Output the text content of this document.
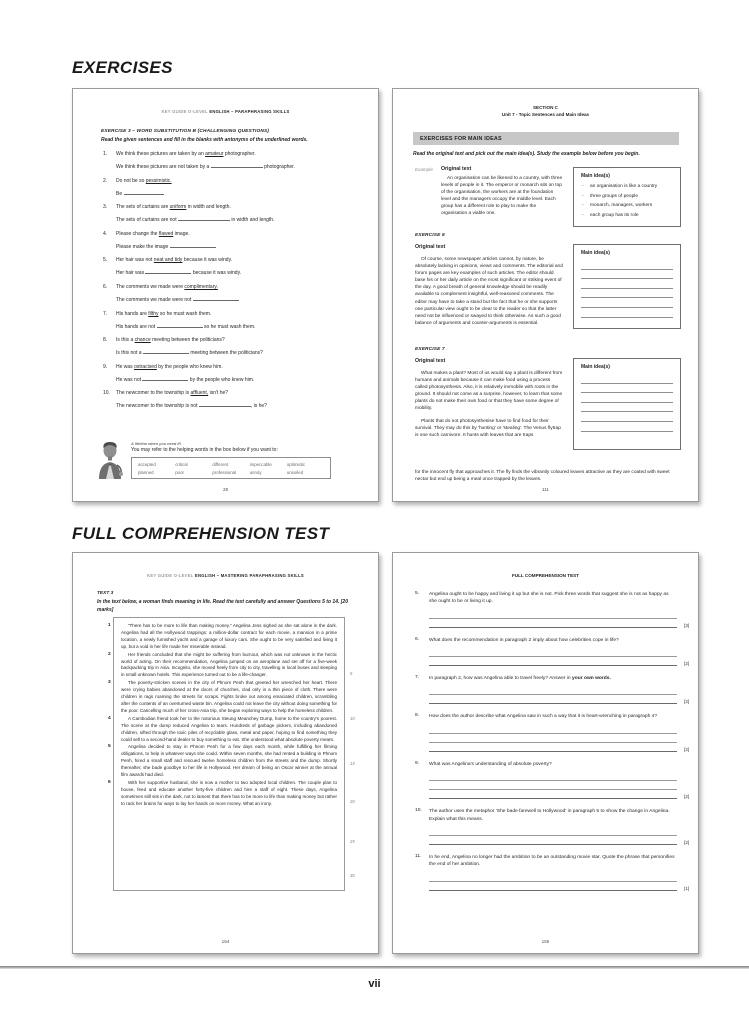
EXERCISES
KEY GUIDE O-LEVEL ENGLISH – PARAPHRASING SKILLS
EXERCISE 3 – WORD SUBSTITUTION B (CHALLENGING QUESTIONS)
Read the given sentences and fill in the blanks with antonyms of the underlined words.
1.	We think these pictures are taken by an amateur photographer.
We think these pictures are not taken by a	photographer.
2.	Do not be so pessimistic.
Be
3.	The sets of curtains are uniform in width and length.
The sets of curtains are not	in width and length.
4.	Please change the flawed image.
Please make the image
5.	Her hair was not neat and tidy because it was windy.
Her hair was	because it was windy.
6.	The comments we made were complimentary.
The comments we made were not
7.	His hands are filthy so he must wash them.
His hands are not	so he must wash them.
8.	Is this a chance meeting between the politicians?
Is this not a	meeting between the politicians?
9.	He was ostracised by the people who knew him.
He was not	by the people who knew him.
10.	The newcomer to the township is affluent, isn't he?
The newcomer to the township is not	, is he?
A lifeline when you need it!
You may refer to the helping words in the box below if you want to:
accepted	critical	different	impeccable	optimistic
planned	poor	professional	unruly	unsoiled
28
SECTION C
Unit 7 - Topic Sentences and Main Ideas
EXERCISES FOR MAIN IDEAS
Read the original text and pick out the main idea(s). Study the example below before you begin.
Example Original text

An organisation can be likened to a country, with three levels of people in it. The emperor or monarch sits on top of the organisation, the workers are at the foundation level and the managers occupy the middle level. Each group has a different role to play to make the organisation a viable one.

Main idea(s)
- an organisation is like a country
- three groups of people
- monarch, managers, workers
- each group has its role
EXERCISE 6
Original text

Of course, some newspaper articles cannot, by nature, be absolutely lacking in opinions, views and comments. The editorial and forum pages are key examples of such articles. The editor should base his or her daily article on the most significant or striking event of the day. A good breath of general knowledge should be readily available to complement insightful, well-reasoned comments. The editor may have to take a stand but the fact that he or she supports one particular view ought to be clear to the reader so that the latter need not be influenced or swayed to think otherwise. As such a good balance of arguments and counter-arguments is essential.

Main idea(s)
EXERCISE 7
Original text

What makes a plant? Most of us would say a plant is different from humans and animals because it can make food using a process called photosynthesis. Also, it is relatively immobile with roots in the ground. It should not come as a surprise, however, to learn that some plants do not make their own food or that they have some degree of mobility.

Plants that do not photosynthesise have to find food for their survival. They may do this by 'hunting' or 'stealing'. The Venus flytrap is one such carnivore. It hunts with leaves that are traps

for the innocent fly that approaches it. The fly finds the vibrantly coloured leaves attractive as they are coated with sweet nectar but end up being a meal once trapped by the leaves.

Main idea(s)
111
FULL COMPREHENSION TEST
KEY GUIDE O-LEVEL ENGLISH – MASTERING PARAPHRASING SKILLS
TEXT 3
In the text below, a woman finds meaning in life. Read the text carefully and answer Questions 5 to 14. [20 marks]
1	“There has to be more to life than making money.” Angelina Jess sighed as she sat alone in the dark. Angelina had all the Hollywood trappings: a million-dollar contract for each movie, a mansion in a prime location, a newly furnished yacht and a garage of luxury cars. She ought to be very satisfied and living it up, but a void in her life made her miserable instead.

2	Her friends concluded that she might be suffering from burnout, which was not unknown in the hectic world of acting. On their recommendation, Angelina jumped on an aeroplane and set off for a five-week backpacking trip in Asia. Incognito, she moved freely from city to city, travelling in local buses and sleeping in small unknown hotels. This experience turned out to be a life-changer.

3	The poverty-stricken scenes in the city of Phnom Penh that greeted her wrenched her heart. There were crying babies abandoned at the doors of churches, clad only in a thin piece of cloth. There were children in rags roaming the streets for scraps. Fights broke out among emaciated children, scrambling after the contents of an overturned waste bin. Angelina could not leave the city without doing something for the poor. Cancelling much of her cross-Asia trip, she began exploring ways to help the homeless children.

4	A Cambodian friend took her to the notorious Steung Meanchey Dump, home to the country's poorest. The scene at the dump reduced Angelina to tears. Hundreds of garbage pickers, including abandoned children, sifted through the toxic piles of recyclable glass, metal and paper, hoping to find something they could sell to a second-hand dealer to buy something to eat. She understood what absolute poverty meant.

5	Angelina decided to stay in Phnom Penh for a few days each month, while fulfilling her filming obligations, to help in whatever ways she could. Within seven months, she had rented a building in Phnom Penh, hired a small staff and rescued twelve homeless children from the streets and the dump. Shortly thereafter, she bade goodbye to her life in Hollywood. Her dream of being an Oscar winner at the annual film awards had died.

6	With her supportive husband, she is now a mother to two adopted local children. The couple plan to house, feed and educate another forty-five children and hire a staff of eight. These days, Angelina sometimes still sits in the dark, not to lament that there has to be more to life than making money but rather to rack her brains for ways to lay her hands on more money. What an irony.

5
10
15
20
25
30
154
FULL COMPREHENSION TEST
5.	Angelina ought to be happy and living it up but she is not. Pick three words that suggest she is not as happy as she ought to be or living it up.
[3]
6.	What does the recommendation in paragraph 2 imply about how celebrities cope in life?
[2]
7.	In paragraph 2, how was Angelina able to travel freely? Answer in your own words.
[2]
8.	How does the author describe what Angelina saw in such a way that it is heart-wrenching in paragraph 4?
[2]
9.	What was Angelina's understanding of absolute poverty?
[2]
10.	The author uses the metaphor 'She bade farewell to Hollywood' in paragraph 5 to show the change in Angelina. Explain what this means.
[2]
11.	In he end, Angelina no longer had the ambition to be an outstanding movie star. Quote the phrase that personifies the end of her ambition.
[1]
155
vii
